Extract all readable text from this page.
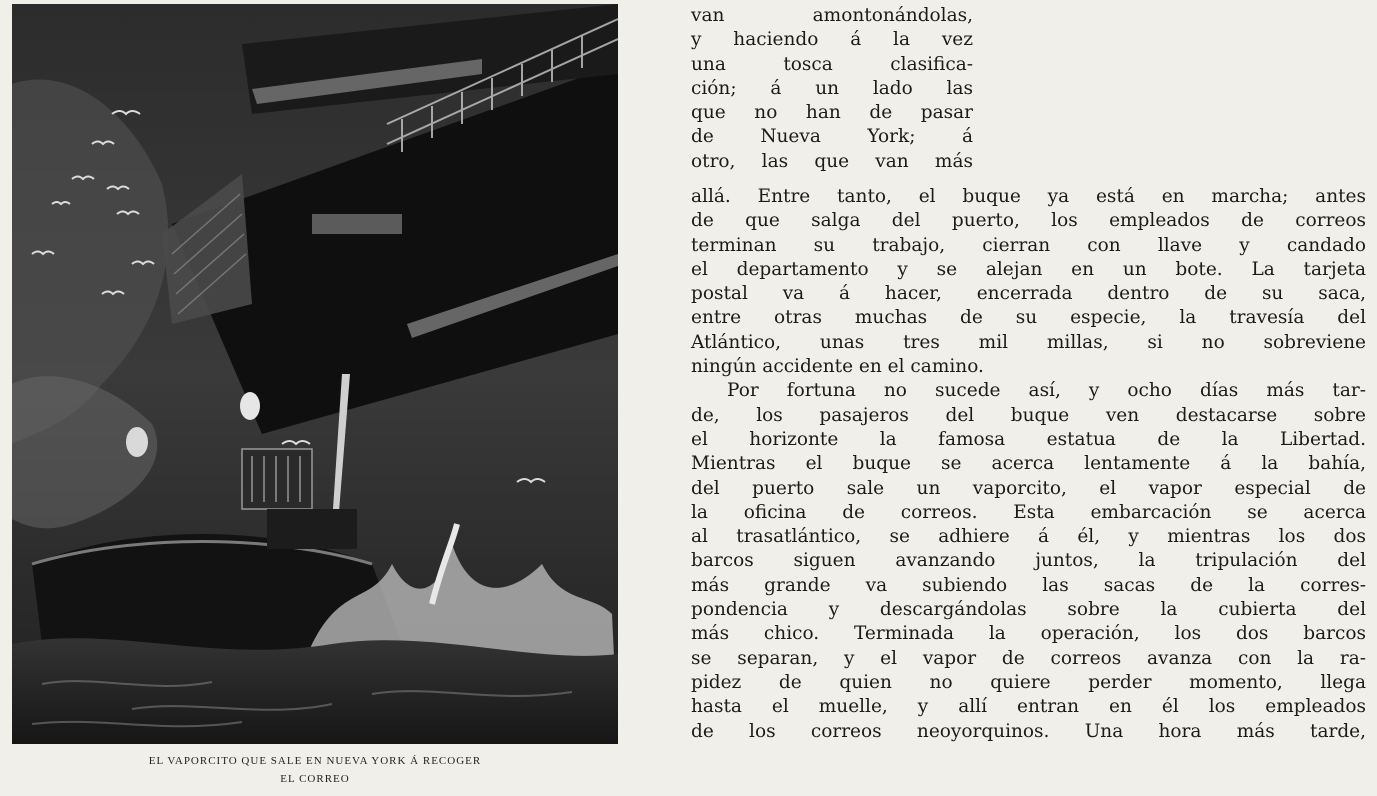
EL VAPORCITO QUE SALE EN NUEVA YORK Á RECOGER
EL CORREO

van amontonándolas,
y haciendo á la vez
una tosca clasifica-
ción; á un lado las
que no han de pasar
de Nueva York; á
otro, las que van más

allá. Entre tanto, el buque ya está en marcha; antes
de que salga del puerto, los empleados de correos
terminan su trabajo, cierran con llave y candado
el departamento y se alejan en un bote. La tarjeta
postal va á hacer, encerrada dentro de su saca,
entre otras muchas de su especie, la travesía del
Atlántico, unas tres mil millas, si no sobreviene
ningún accidente en el camino.
Por fortuna no sucede así, y ocho días más tar-
de, los pasajeros del buque ven destacarse sobre
el horizonte la famosa estatua de la Libertad.
Mientras el buque se acerca lentamente á la bahía,
del puerto sale un vaporcito, el vapor especial de
la oficina de correos. Esta embarcación se acerca
al trasatlántico, se adhiere á él, y mientras los dos
barcos siguen avanzando juntos, la tripulación del
más grande va subiendo las sacas de la corres-
pondencia y descargándolas sobre la cubierta del
más chico. Terminada la operación, los dos barcos
se separan, y el vapor de correos avanza con la ra-
pidez de quien no quiere perder momento, llega
hasta el muelle, y allí entran en él los empleados
de los correos neoyorquinos. Una hora más tarde,
